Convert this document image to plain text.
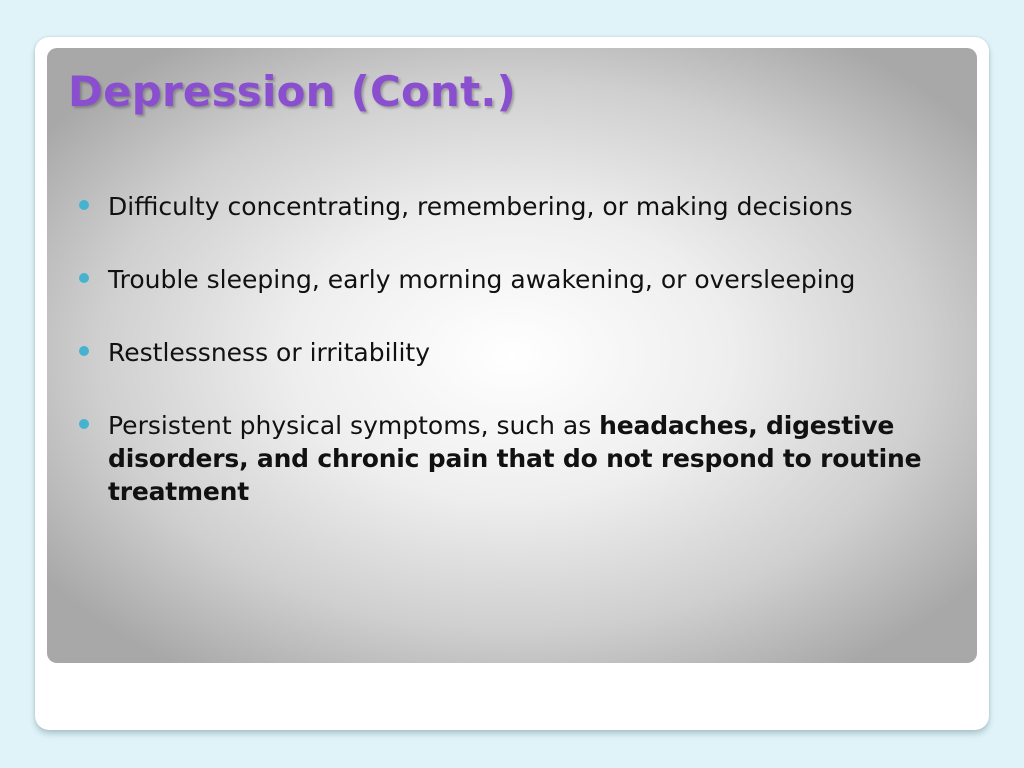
Depression (Cont.)
Difficulty concentrating, remembering, or making decisions
Trouble sleeping, early morning awakening, or oversleeping
Restlessness or irritability
Persistent physical symptoms, such as headaches, digestive disorders, and chronic pain that do not respond to routine treatment
